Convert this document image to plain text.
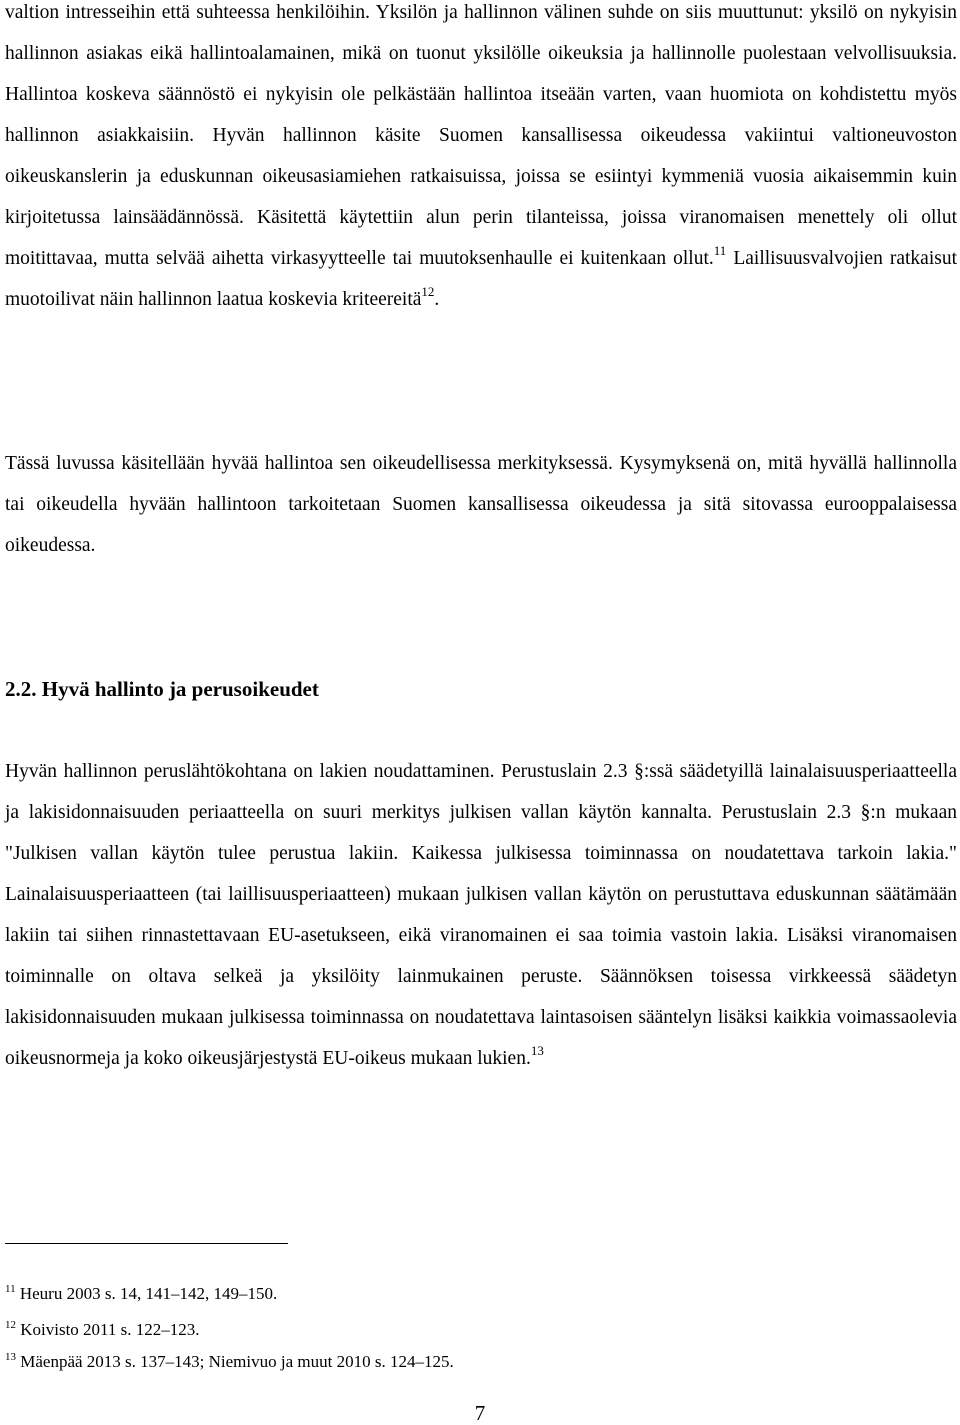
valtion intresseihin että suhteessa henkilöihin. Yksilön ja hallinnon välinen suhde on siis muuttunut: yksilö on nykyisin hallinnon asiakas eikä hallintoalamainen, mikä on tuonut yksilölle oikeuksia ja hallinnolle puolestaan velvollisuuksia. Hallintoa koskeva säännöstö ei nykyisin ole pelkästään hallintoa itseään varten, vaan huomiota on kohdistettu myös hallinnon asiakkaisiin. Hyvän hallinnon käsite Suomen kansallisessa oikeudessa vakiintui valtioneuvoston oikeuskanslerin ja eduskunnan oikeusasiamiehen ratkaisuissa, joissa se esiintyi kymmeniä vuosia aikaisemmin kuin kirjoitetussa lainsäädännössä. Käsitettä käytettiin alun perin tilanteissa, joissa viranomaisen menettely oli ollut moitittavaa, mutta selvää aihetta virkasyytteelle tai muutoksenhaulle ei kuitenkaan ollut.$^{11}$ Laillisuusvalvojien ratkaisut muotoilivat näin hallinnon laatua koskevia kriteereitä$^{12}$.

Tässä luvussa käsitellään hyvää hallintoa sen oikeudellisessa merkityksessä. Kysymyksenä on, mitä hyvällä hallinnolla tai oikeudella hyvään hallintoon tarkoitetaan Suomen kansallisessa oikeudessa ja sitä sitovassa eurooppalaisessa oikeudessa.

2.2. Hyvä hallinto ja perusoikeudet

Hyvän hallinnon peruslähtökohtana on lakien noudattaminen. Perustuslain 2.3 §:ssä säädetyillä lainalaisuusperiaatteella ja lakisidonnaisuuden periaatteella on suuri merkitys julkisen vallan käytön kannalta. Perustuslain 2.3 §:n mukaan "Julkisen vallan käytön tulee perustua lakiin. Kaikessa julkisessa toiminnassa on noudatettava tarkoin lakia." Lainalaisuusperiaatteen (tai laillisuusperiaatteen) mukaan julkisen vallan käytön on perustuttava eduskunnan säätämään lakiin tai siihen rinnastettavaan EU-asetukseen, eikä viranomainen ei saa toimia vastoin lakia. Lisäksi viranomaisen toiminnalle on oltava selkeä ja yksilöity lainmukainen peruste. Säännöksen toisessa virkkeessä säädetyn lakisidonnaisuuden mukaan julkisessa toiminnassa on noudatettava laintasoisen sääntelyn lisäksi kaikkia voimassaolevia oikeusnormeja ja koko oikeusjärjestystä EU-oikeus mukaan lukien.$^{13}$

$^{11}$ Heuru 2003 s. 14, 141–142, 149–150.

$^{12}$ Koivisto 2011 s. 122–123.

$^{13}$ Mäenpää 2013 s. 137–143; Niemivuo ja muut 2010 s. 124–125.

7
